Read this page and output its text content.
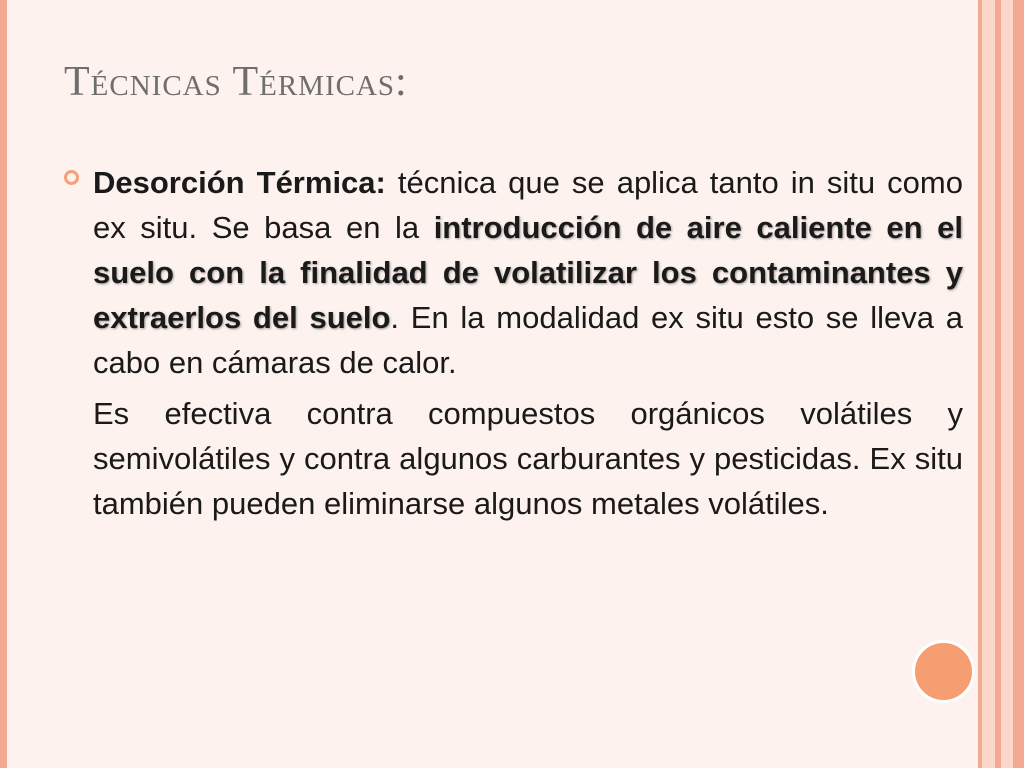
Técnicas Térmicas:

Desorción Térmica: técnica que se aplica tanto in situ como ex situ. Se basa en la introducción de aire caliente en el suelo con la finalidad de volatilizar los contaminantes y extraerlos del suelo. En la modalidad ex situ esto se lleva a cabo en cámaras de calor.

Es efectiva contra compuestos orgánicos volátiles y semivolátiles y contra algunos carburantes y pesticidas. Ex situ también pueden eliminarse algunos metales volátiles.
